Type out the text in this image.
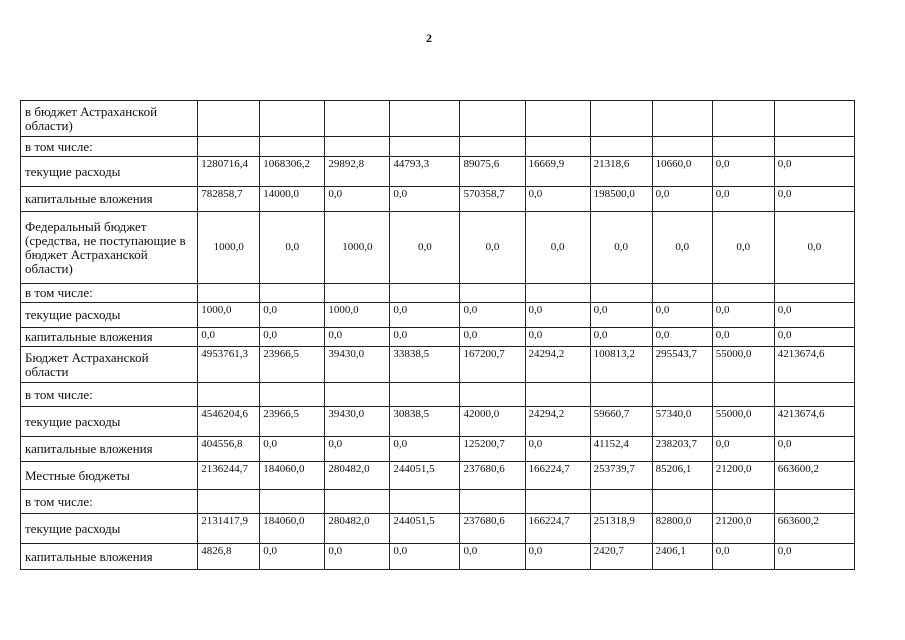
2
в бюджет Астраханской области)										
в том числе:										
текущие расходы	1280716,4	1068306,2	29892,8	44793,3	89075,6	16669,9	21318,6	10660,0	0,0	0,0
капитальные вложения	782858,7	14000,0	0,0	0,0	570358,7	0,0	198500,0	0,0	0,0	0,0
Федеральный бюджет (средства, не поступающие в бюджет Астраханской области)	1000,0	0,0	1000,0	0,0	0,0	0,0	0,0	0,0	0,0	0,0
в том числе:										
текущие расходы	1000,0	0,0	1000,0	0,0	0,0	0,0	0,0	0,0	0,0	0,0
капитальные вложения	0,0	0,0	0,0	0,0	0,0	0,0	0,0	0,0	0,0	0,0
Бюджет Астраханской области	4953761,3	23966,5	39430,0	33838,5	167200,7	24294,2	100813,2	295543,7	55000,0	4213674,6
в том числе:										
текущие расходы	4546204,6	23966,5	39430,0	30838,5	42000,0	24294,2	59660,7	57340,0	55000,0	4213674,6
капитальные вложения	404556,8	0,0	0,0	0,0	125200,7	0,0	41152,4	238203,7	0,0	0,0
Местные бюджеты	2136244,7	184060,0	280482,0	244051,5	237680,6	166224,7	253739,7	85206,1	21200,0	663600,2
в том числе:										
текущие расходы	2131417,9	184060,0	280482,0	244051,5	237680,6	166224,7	251318,9	82800,0	21200,0	663600,2
капитальные вложения	4826,8	0,0	0,0	0,0	0,0	0,0	2420,7	2406,1	0,0	0,0
